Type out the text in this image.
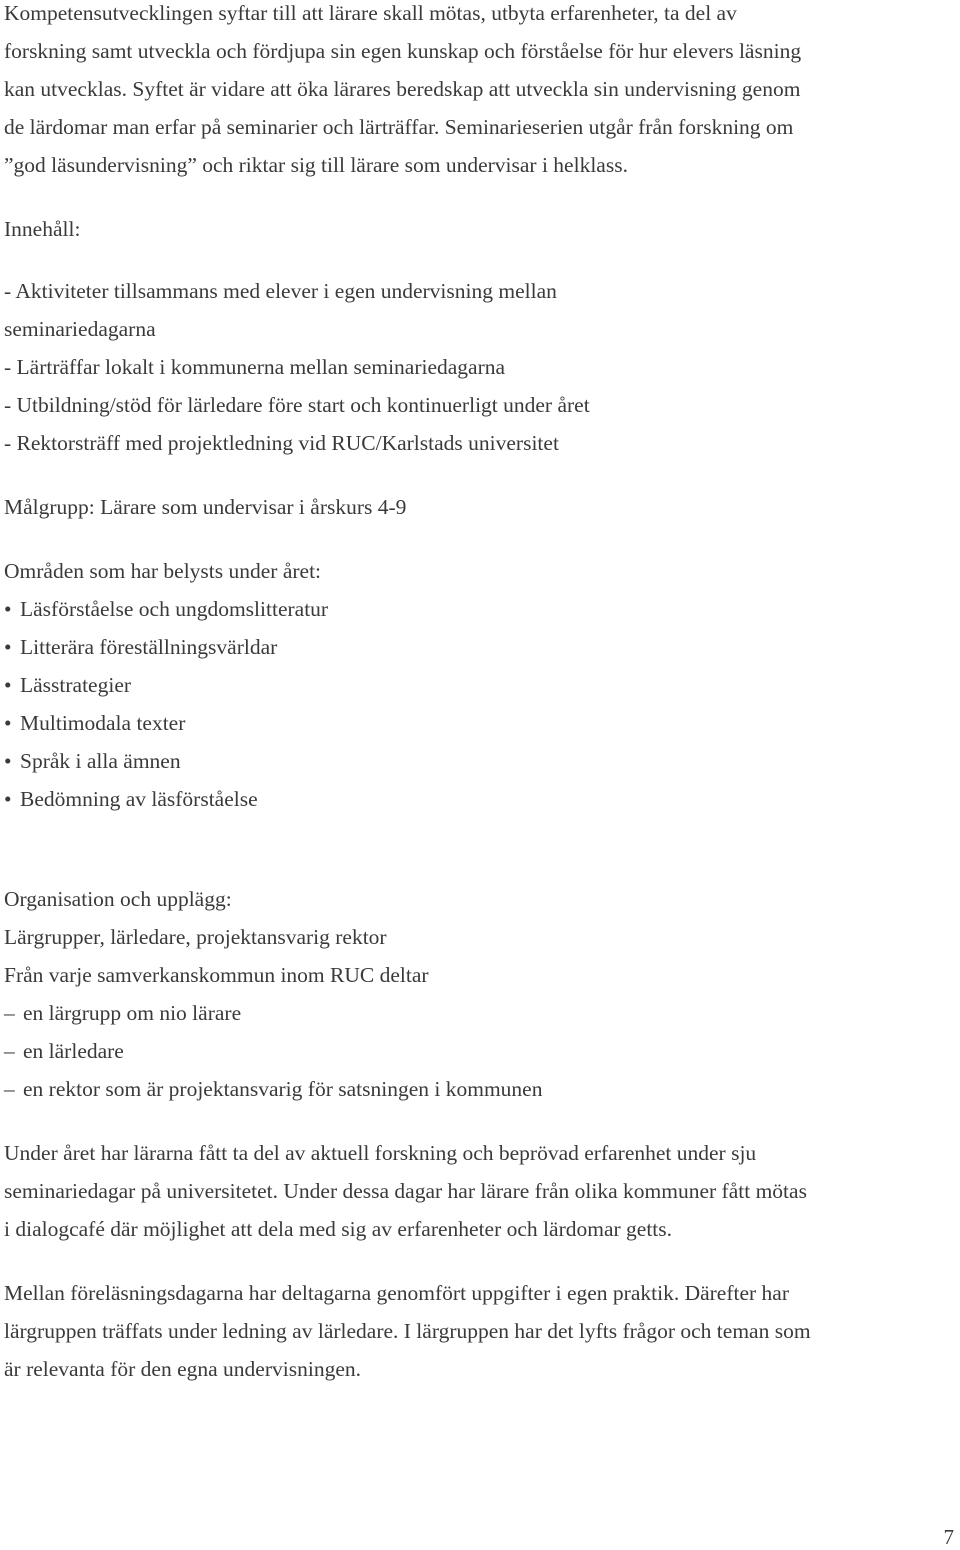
Kompetensutvecklingen syftar till att lärare skall mötas, utbyta erfarenheter, ta del av

forskning samt utveckla och fördjupa sin egen kunskap och förståelse för hur elevers läsning

kan utvecklas. Syftet är vidare att öka lärares beredskap att utveckla sin undervisning genom

de lärdomar man erfar på seminarier och lärträffar. Seminarieserien utgår från forskning om

”god läsundervisning” och riktar sig till lärare som undervisar i helklass.

Innehåll:

- Aktiviteter tillsammans med elever i egen undervisning mellan

seminariedagarna

- Lärträffar lokalt i kommunerna mellan seminariedagarna

- Utbildning/stöd för lärledare före start och kontinuerligt under året

- Rektorsträff med projektledning vid RUC/Karlstads universitet

Målgrupp: Lärare som undervisar i årskurs 4-9

Områden som har belysts under året:

• Läsförståelse och ungdomslitteratur

• Litterära föreställningsvärldar

• Lässtrategier

• Multimodala texter

• Språk i alla ämnen

• Bedömning av läsförståelse

Organisation och upplägg:

Lärgrupper, lärledare, projektansvarig rektor

Från varje samverkanskommun inom RUC deltar

– en lärgrupp om nio lärare

– en lärledare

– en rektor som är projektansvarig för satsningen i kommunen

Under året har lärarna fått ta del av aktuell forskning och beprövad erfarenhet under sju

seminariedagar på universitetet. Under dessa dagar har lärare från olika kommuner fått mötas

i dialogcafé där möjlighet att dela med sig av erfarenheter och lärdomar getts.

Mellan föreläsningsdagarna har deltagarna genomfört uppgifter i egen praktik. Därefter har

lärgruppen träffats under ledning av lärledare. I lärgruppen har det lyfts frågor och teman som

är relevanta för den egna undervisningen.

7
